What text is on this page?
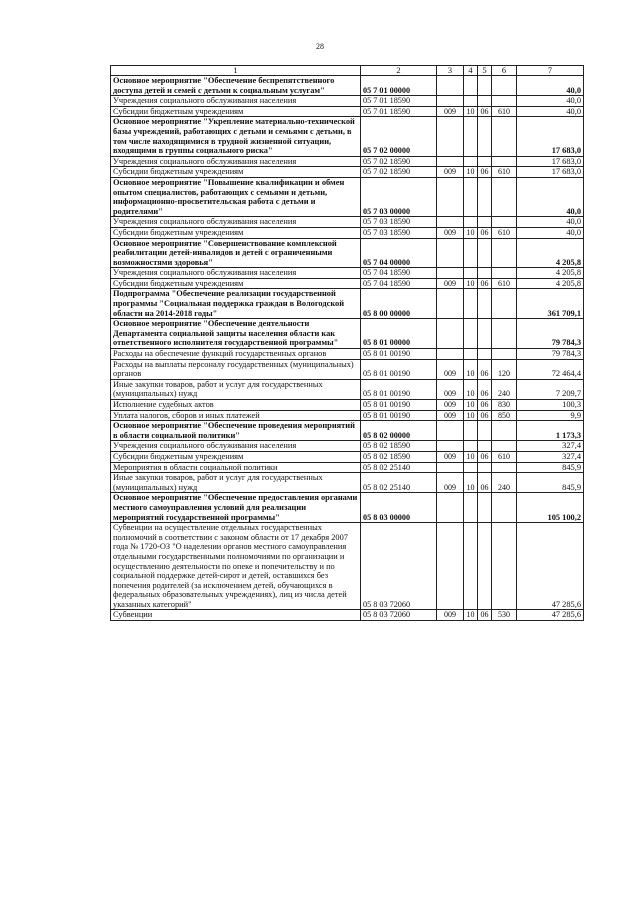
28
1	2	3	4	5	6	7
Основное мероприятие "Обеспечение беспрепятственного доступа детей и семей с детьми к социальным услугам"	05 7 01 00000					40,0
Учреждения социального обслуживания населения	05 7 01 18590					40,0
Субсидии бюджетным учреждениям	05 7 01 18590	009	10	06	610	40,0
Основное мероприятие "Укрепление материально-технической базы учреждений, работающих с детьми и семьями с детьми, в том числе находящимися в трудной жизненной ситуации, входящими в группы социального риска"	05 7 02 00000					17 683,0
Учреждения социального обслуживания населения	05 7 02 18590					17 683,0
Субсидии бюджетным учреждениям	05 7 02 18590	009	10	06	610	17 683,0
Основное мероприятие "Повышение квалификации и обмен опытом специалистов, работающих с семьями и детьми, информационно-просветительская работа с детьми и родителями"	05 7 03 00000					40,0
Учреждения социального обслуживания населения	05 7 03 18590					40,0
Субсидии бюджетным учреждениям	05 7 03 18590	009	10	06	610	40,0
Основное мероприятие "Совершенствование комплексной реабилитации детей-инвалидов и детей с ограниченными возможностями здоровья"	05 7 04 00000					4 205,8
Учреждения социального обслуживания населения	05 7 04 18590					4 205,8
Субсидии бюджетным учреждениям	05 7 04 18590	009	10	06	610	4 205,8
Подпрограмма "Обеспечение реализации государственной программы "Социальная поддержка граждан в Вологодской области на 2014-2018 годы"	05 8 00 00000					361 709,1
Основное мероприятие "Обеспечение деятельности Департамента социальной защиты населения области как ответственного исполнителя государственной программы"	05 8 01 00000					79 784,3
Расходы на обеспечение функций государственных органов	05 8 01 00190					79 784,3
Расходы на выплаты персоналу государственных (муниципальных) органов	05 8 01 00190	009	10	06	120	72 464,4
Иные закупки товаров, работ и услуг для государственных (муниципальных) нужд	05 8 01 00190	009	10	06	240	7 209,7
Исполнение судебных актов	05 8 01 00190	009	10	06	830	100,3
Уплата налогов, сборов и иных платежей	05 8 01 00190	009	10	06	850	9,9
Основное мероприятие "Обеспечение проведения мероприятий в области социальной политики"	05 8 02 00000					1 173,3
Учреждения социального обслуживания населения	05 8 02 18590					327,4
Субсидии бюджетным учреждениям	05 8 02 18590	009	10	06	610	327,4
Мероприятия в области социальной политики	05 8 02 25140					845,9
Иные закупки товаров, работ и услуг для государственных (муниципальных) нужд	05 8 02 25140	009	10	06	240	845,9
Основное мероприятие "Обеспечение предоставления органами местного самоуправления условий для реализации мероприятий государственной программы"	05 8 03 00000					105 100,2
Субвенции на осуществление отдельных государственных полномочий в соответствии с законом области от 17 декабря 2007 года № 1720-ОЗ "О наделении органов местного самоуправления отдельными государственными полномочиями по организации и осуществлению деятельности по опеке и попечительству и по социальной поддержке детей-сирот и детей, оставшихся без попечения родителей (за исключением детей, обучающихся в федеральных образовательных учреждениях), лиц из числа детей указанных категорий"	05 8 03 72060					47 285,6
Субвенции	05 8 03 72060	009	10	06	530	47 285,6
